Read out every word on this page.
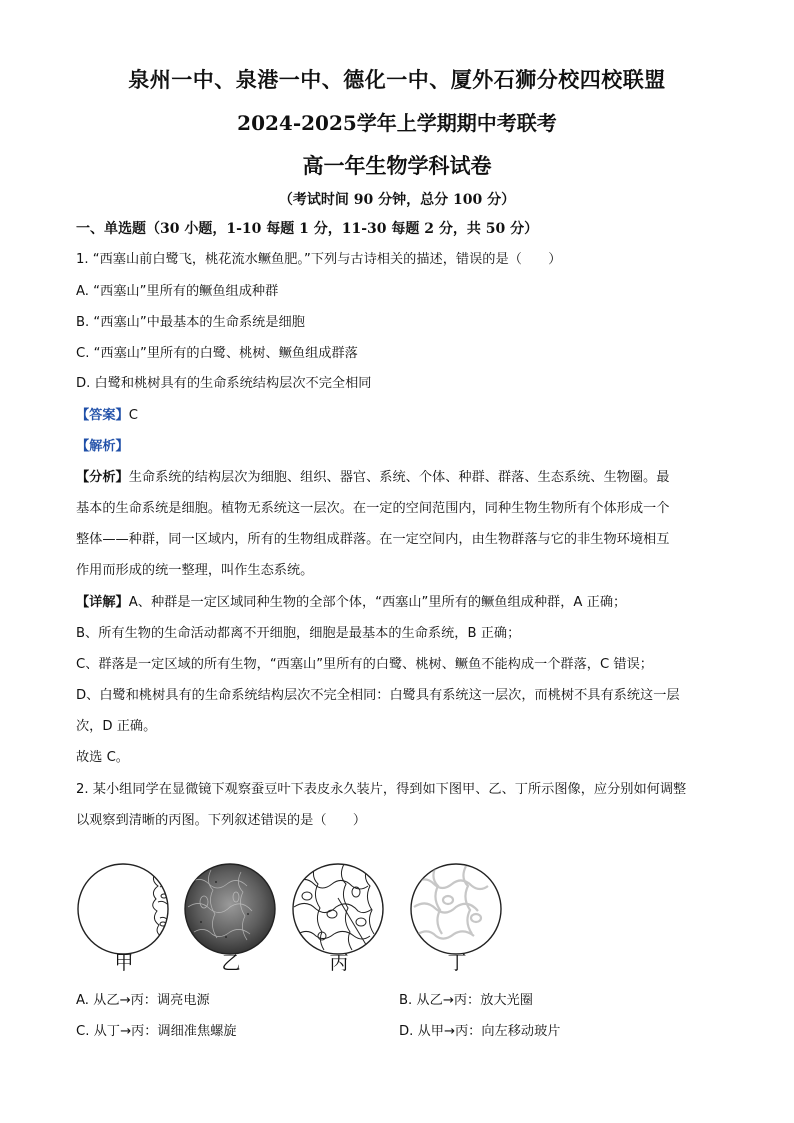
泉州一中、泉港一中、德化一中、厦外石狮分校四校联盟
2024-2025学年上学期期中考联考
高一年生物学科试卷
（考试时间 90 分钟，总分 100 分）
一、单选题（30 小题，1-10 每题 1 分，11-30 每题 2 分，共 50 分）
1. “西塞山前白鹭飞，桃花流水鳜鱼肥。”下列与古诗相关的描述，错误的是（　　）
A. “西塞山”里所有的鳜鱼组成种群
B. “西塞山”中最基本的生命系统是细胞
C. “西塞山”里所有的白鹭、桃树、鳜鱼组成群落
D. 白鹭和桃树具有的生命系统结构层次不完全相同
【答案】C
【解析】
【分析】生命系统的结构层次为细胞、组织、器官、系统、个体、种群、群落、生态系统、生物圈。最
基本的生命系统是细胞。植物无系统这一层次。在一定的空间范围内，同种生物生物所有个体形成一个
整体——种群，同一区域内，所有的生物组成群落。在一定空间内，由生物群落与它的非生物环境相互
作用而形成的统一整理，叫作生态系统。
【详解】A、种群是一定区域同种生物的全部个体，“西塞山”里所有的鳜鱼组成种群，A 正确；
B、所有生物的生命活动都离不开细胞，细胞是最基本的生命系统，B 正确；
C、群落是一定区域的所有生物，“西塞山”里所有的白鹭、桃树、鳜鱼不能构成一个群落，C 错误；
D、白鹭和桃树具有的生命系统结构层次不完全相同：白鹭具有系统这一层次，而桃树不具有系统这一层
次，D 正确。
故选 C。
2. 某小组同学在显微镜下观察蚕豆叶下表皮永久装片，得到如下图甲、乙、丁所示图像，应分别如何调整
以观察到清晰的丙图。下列叙述错误的是（　　）
甲	乙	丙	丁
A. 从乙→丙：调亮电源	B. 从乙→丙：放大光圈
C. 从丁→丙：调细准焦螺旋	D. 从甲→丙：向左移动玻片
